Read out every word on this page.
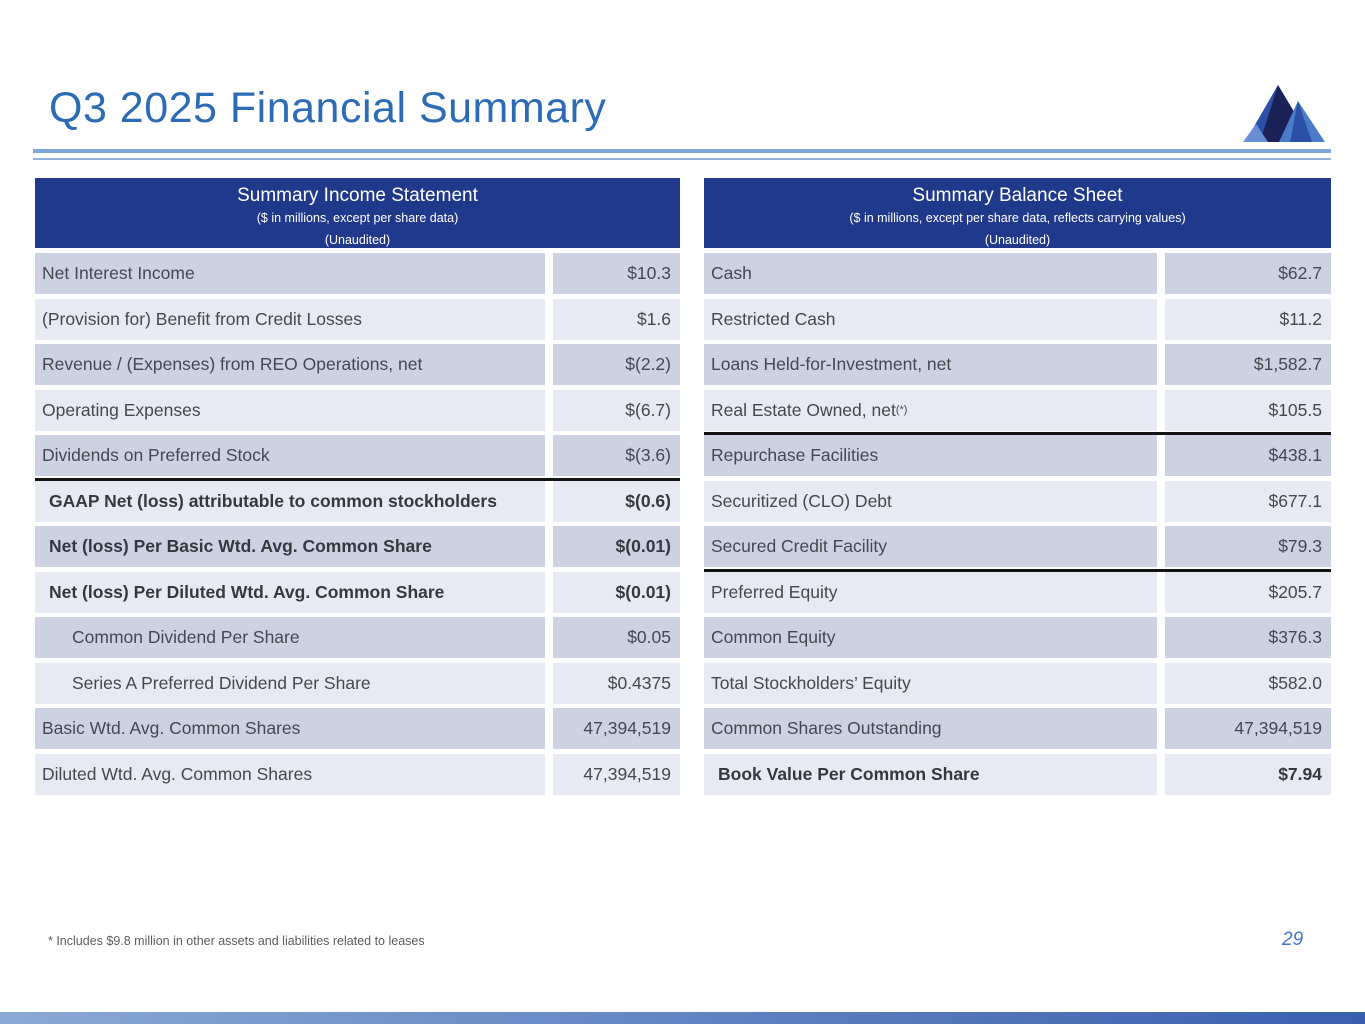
Q3 2025 Financial Summary
Summary Income Statement
($ in millions, except per share data)
(Unaudited)
Net Interest Income	$10.3
(Provision for) Benefit from Credit Losses	$1.6
Revenue / (Expenses) from REO Operations, net	$(2.2)
Operating Expenses	$(6.7)
Dividends on Preferred Stock	$(3.6)
GAAP Net (loss) attributable to common stockholders	$(0.6)
Net (loss) Per Basic Wtd. Avg. Common Share	$(0.01)
Net (loss) Per Diluted Wtd. Avg. Common Share	$(0.01)
Common Dividend Per Share	$0.05
Series A Preferred Dividend Per Share	$0.4375
Basic Wtd. Avg. Common Shares	47,394,519
Diluted Wtd. Avg. Common Shares	47,394,519
Summary Balance Sheet
($ in millions, except per share data, reflects carrying values)
(Unaudited)
Cash	$62.7
Restricted Cash	$11.2
Loans Held-for-Investment, net	$1,582.7
Real Estate Owned, net (*)	$105.5
Repurchase Facilities	$438.1
Securitized (CLO) Debt	$677.1
Secured Credit Facility	$79.3
Preferred Equity	$205.7
Common Equity	$376.3
Total Stockholders’ Equity	$582.0
Common Shares Outstanding	47,394,519
Book Value Per Common Share	$7.94
* Includes $9.8 million in other assets and liabilities related to leases	29
